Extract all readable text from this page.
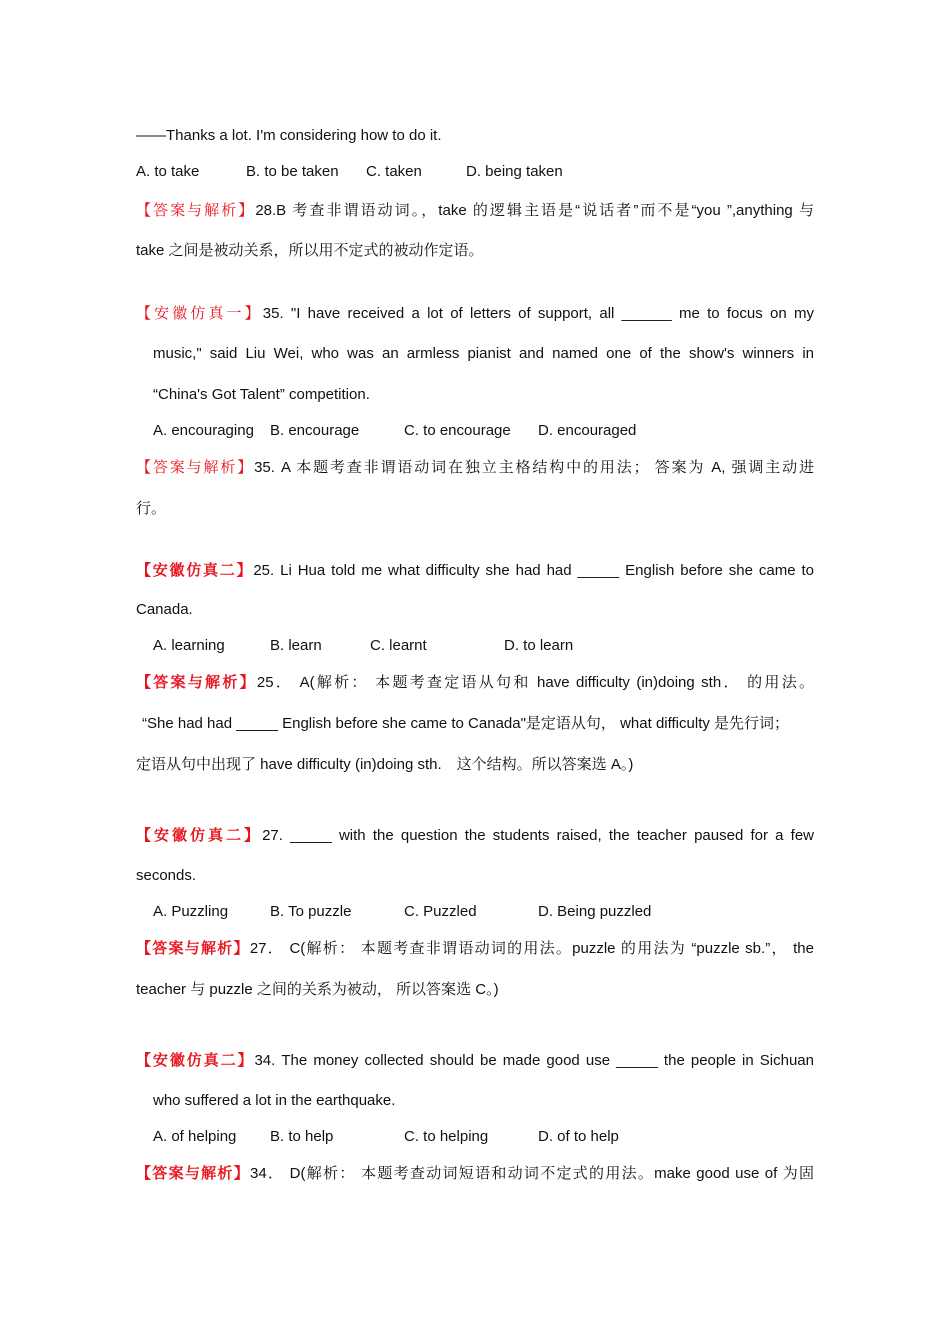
——Thanks a lot. I'm considering how to do it.
A. to take	B. to be taken C. taken	D. being taken
【答案与解析】28.B 考查非谓语动词。，take 的逻辑主语是“说话者”而不是“you ”,anything 与
take 之间是被动关系，所以用不定式的被动作定语。
【安徽仿真一】35. "I have received a lot of letters of support, all ______ me to focus on my
music," said Liu Wei, who was an armless pianist and named one of the show's winners in
“China's Got Talent” competition.
A. encouraging B. encourage	C. to encourage D. encouraged
【答案与解析】35. A 本题考查非谓语动词在独立主格结构中的用法； 答案为 A, 强调主动进
行。
【安徽仿真二】25. Li Hua told me what difficulty she had had _____ English before she came to
Canada.
A. learning	B. learn	C. learnt	D. to learn
【答案与解析】25． A(解析： 本题考查定语从句和 have difficulty (in)doing sth． 的用法。
“She had had _____ English before she came to Canada"是定语从句， what difficulty 是先行词；
定语从句中出现了 have difficulty (in)doing sth.　这个结构。所以答案选 A。)
【安徽仿真二】27. _____ with the question the students raised, the teacher paused for a few
seconds.
A. Puzzling	B. To puzzle	C. Puzzled	D. Being puzzled
【答案与解析】27． C(解析： 本题考查非谓语动词的用法。puzzle 的用法为 “puzzle sb.”， the
teacher 与 puzzle 之间的关系为被动， 所以答案选 C。)
【安徽仿真二】34. The money collected should be made good use _____ the people in Sichuan
who suffered a lot in the earthquake.
A. of helping B. to help	C. to helping	D. of to help
【答案与解析】34． D(解析： 本题考查动词短语和动词不定式的用法。make good use of 为固
